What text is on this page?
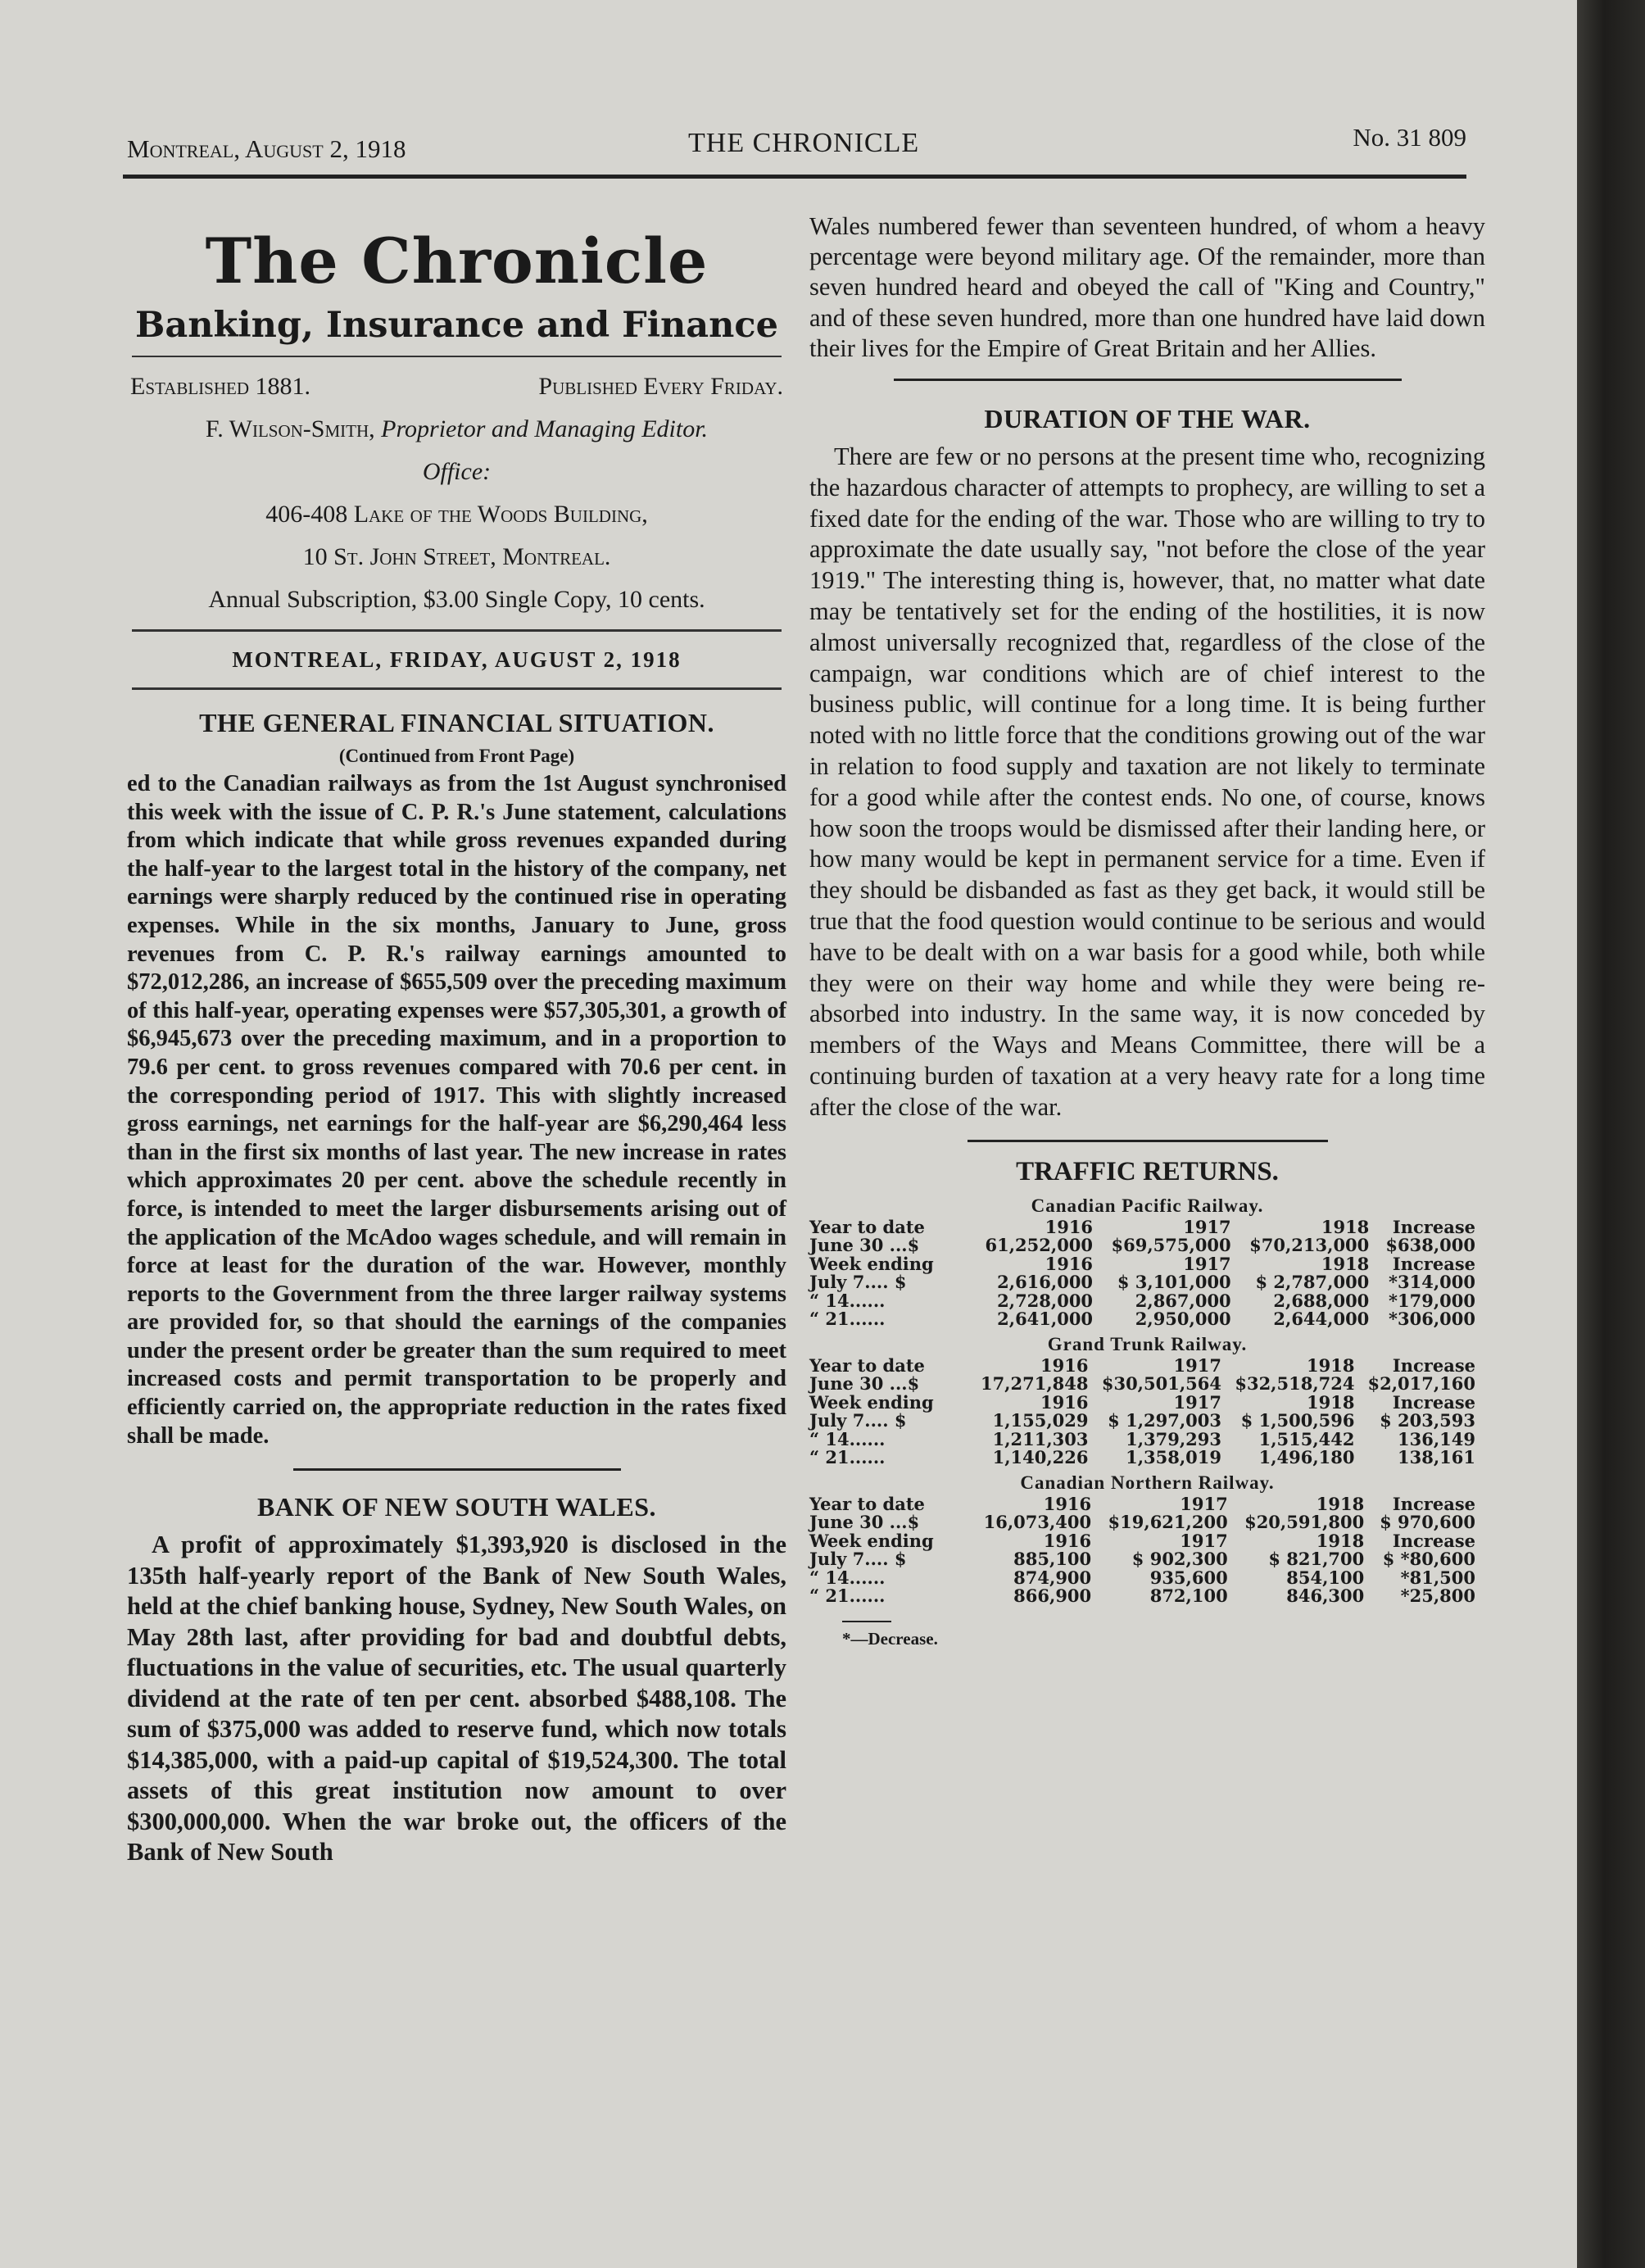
Montreal, August 2, 1918	THE CHRONICLE	No. 31 809
The Chronicle
Banking, Insurance and Finance
Established 1881.	Published Every Friday.
F. Wilson-Smith, Proprietor and Managing Editor.
Office:
406-408 Lake of the Woods Building,
10 St. John Street, Montreal.
Annual Subscription, $3.00 Single Copy, 10 cents.
MONTREAL, FRIDAY, AUGUST 2, 1918
THE GENERAL FINANCIAL SITUATION.
(Continued from Front Page)

ed to the Canadian railways as from the 1st August synchronised this week with the issue of C. P. R.'s June statement, calculations from which indicate that while gross revenues expanded during the half-year to the largest total in the history of the company, net earnings were sharply reduced by the continued rise in operating expenses. While in the six months, January to June, gross revenues from C. P. R.'s railway earnings amounted to $72,012,286, an increase of $655,509 over the preceding maximum of this half-year, operating expenses were $57,305,301, a growth of $6,945,673 over the preceding maximum, and in a proportion to 79.6 per cent. to gross revenues compared with 70.6 per cent. in the corresponding period of 1917. This with slightly increased gross earnings, net earnings for the half-year are $6,290,464 less than in the first six months of last year. The new increase in rates which approximates 20 per cent. above the schedule recently in force, is intended to meet the larger disbursements arising out of the application of the McAdoo wages schedule, and will remain in force at least for the duration of the war. However, monthly reports to the Government from the three larger railway systems are provided for, so that should the earnings of the companies under the present order be greater than the sum required to meet increased costs and permit transportation to be properly and efficiently carried on, the appropriate reduction in the rates fixed shall be made.

BANK OF NEW SOUTH WALES.

A profit of approximately $1,393,920 is disclosed in the 135th half-yearly report of the Bank of New South Wales, held at the chief banking house, Sydney, New South Wales, on May 28th last, after providing for bad and doubtful debts, fluctuations in the value of securities, etc. The usual quarterly dividend at the rate of ten per cent. absorbed $488,108. The sum of $375,000 was added to reserve fund, which now totals $14,385,000, with a paid-up capital of $19,524,300. The total assets of this great institution now amount to over $300,000,000. When the war broke out, the officers of the Bank of New South

Wales numbered fewer than seventeen hundred, of whom a heavy percentage were beyond military age. Of the remainder, more than seven hundred heard and obeyed the call of "King and Country," and of these seven hundred, more than one hundred have laid down their lives for the Empire of Great Britain and her Allies.

DURATION OF THE WAR.

There are few or no persons at the present time who, recognizing the hazardous character of attempts to prophecy, are willing to set a fixed date for the ending of the war. Those who are willing to try to approximate the date usually say, "not before the close of the year 1919." The interesting thing is, however, that, no matter what date may be tentatively set for the ending of the hostilities, it is now almost universally recognized that, regardless of the close of the campaign, war conditions which are of chief interest to the business public, will continue for a long time. It is being further noted with no little force that the conditions growing out of the war in relation to food supply and taxation are not likely to terminate for a good while after the contest ends. No one, of course, knows how soon the troops would be dismissed after their landing here, or how many would be kept in permanent service for a time. Even if they should be disbanded as fast as they get back, it would still be true that the food question would continue to be serious and would have to be dealt with on a war basis for a good while, both while they were on their way home and while they were being re-absorbed into industry. In the same way, it is now conceded by members of the Ways and Means Committee, there will be a continuing burden of taxation at a very heavy rate for a long time after the close of the war.

TRAFFIC RETURNS.
Canadian Pacific Railway.
Year to date	1916	1917	1918	Increase
June 30 ...$	61,252,000	$69,575,000	$70,213,000	$638,000
Week ending	1916	1917	1918	Increase
July 7.... $	2,616,000	$ 3,101,000	$ 2,787,000	*314,000
“ 14......	2,728,000	2,867,000	2,688,000	*179,000
“ 21......	2,641,000	2,950,000	2,644,000	*306,000
Grand Trunk Railway.
Year to date	1916	1917	1918	Increase
June 30 ...$	17,271,848	$30,501,564	$32,518,724	$2,017,160
Week ending	1916	1917	1918	Increase
July 7.... $	1,155,029	$ 1,297,003	$ 1,500,596	$ 203,593
“ 14......	1,211,303	1,379,293	1,515,442	136,149
“ 21......	1,140,226	1,358,019	1,496,180	138,161
Canadian Northern Railway.
Year to date	1916	1917	1918	Increase
June 30 ...$	16,073,400	$19,621,200	$20,591,800	$ 970,600
Week ending	1916	1917	1918	Increase
July 7.... $	885,100	$ 902,300	$ 821,700	$ *80,600
“ 14......	874,900	935,600	854,100	*81,500
“ 21......	866,900	872,100	846,300	*25,800
*—Decrease.
